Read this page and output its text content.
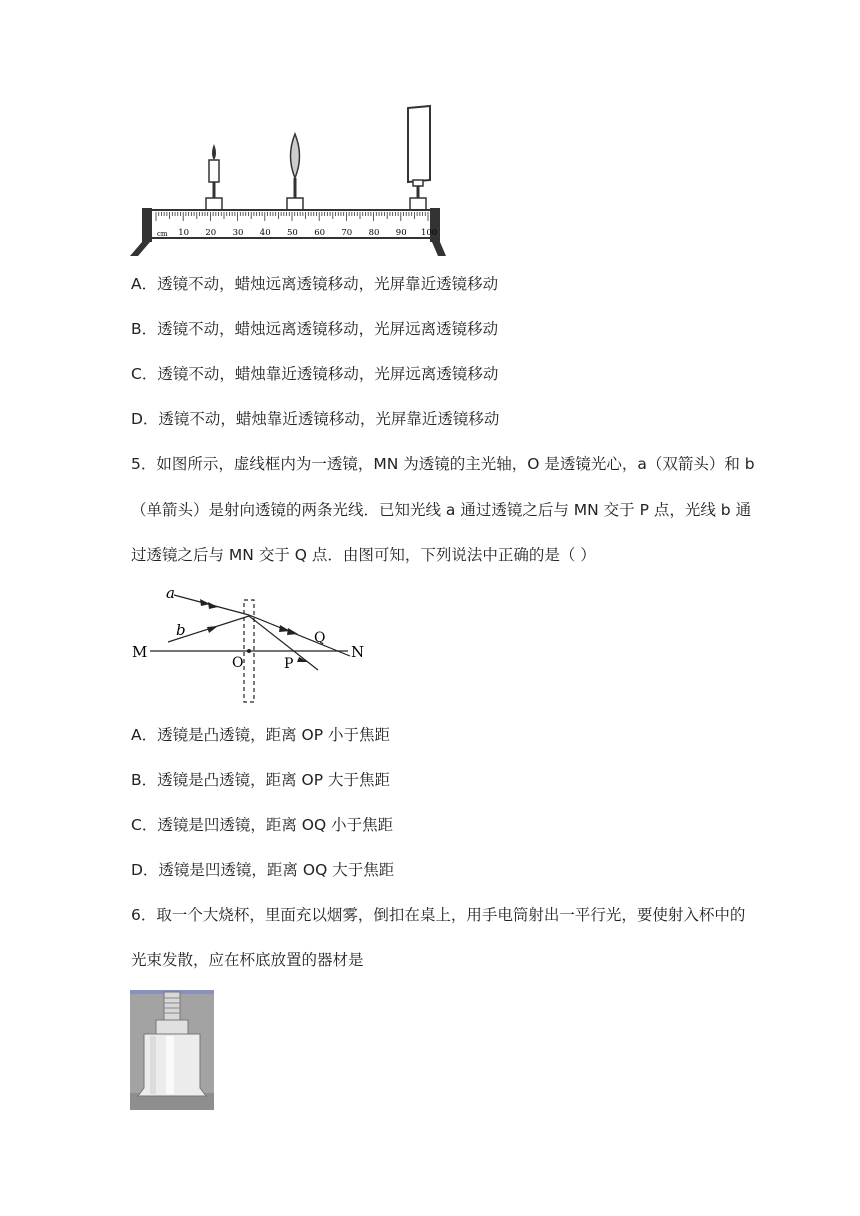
cm 10 20 30 40 50 60 70 80 90 100
A．透镜不动，蜡烛远离透镜移动，光屏靠近透镜移动
B．透镜不动，蜡烛远离透镜移动，光屏远离透镜移动
C．透镜不动，蜡烛靠近透镜移动，光屏远离透镜移动
D．透镜不动，蜡烛靠近透镜移动，光屏靠近透镜移动
5．如图所示，虚线框内为一透镜，MN 为透镜的主光轴，O 是透镜光心，a（双箭头）和 b
（单箭头）是射向透镜的两条光线．已知光线 a 通过透镜之后与 MN 交于 P 点，光线 b 通
过透镜之后与 MN 交于 Q 点．由图可知，下列说法中正确的是（ ）
a
b
M	N
O	P
Q
A．透镜是凸透镜，距离 OP 小于焦距
B．透镜是凸透镜，距离 OP 大于焦距
C．透镜是凹透镜，距离 OQ 小于焦距
D．透镜是凹透镜，距离 OQ 大于焦距
6．取一个大烧杯，里面充以烟雾，倒扣在桌上，用手电筒射出一平行光，要使射入杯中的
光束发散，应在杯底放置的器材是
